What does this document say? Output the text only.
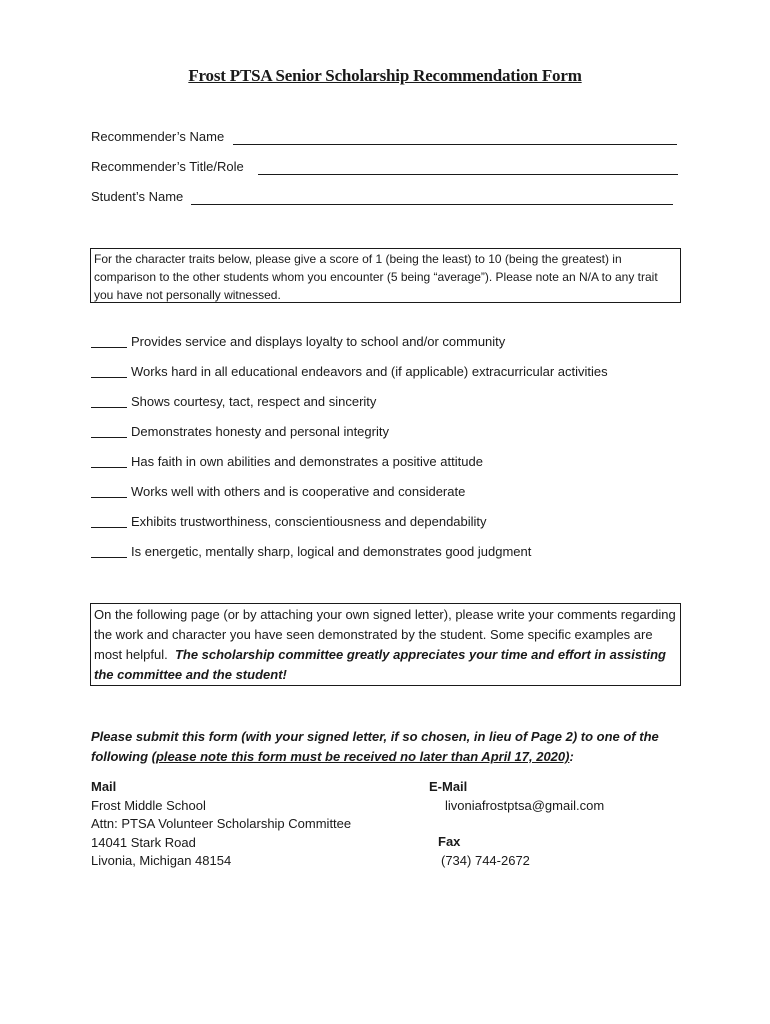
Frost PTSA Senior Scholarship Recommendation Form
Recommender’s Name
Recommender’s Title/Role
Student’s Name
For the character traits below, please give a score of 1 (being the least) to 10 (being the greatest) in comparison to the other students whom you encounter (5 being “average”). Please note an N/A to any trait you have not personally witnessed.
Provides service and displays loyalty to school and/or community
Works hard in all educational endeavors and (if applicable) extracurricular activities
Shows courtesy, tact, respect and sincerity
Demonstrates honesty and personal integrity
Has faith in own abilities and demonstrates a positive attitude
Works well with others and is cooperative and considerate
Exhibits trustworthiness, conscientiousness and dependability
Is energetic, mentally sharp, logical and demonstrates good judgment
On the following page (or by attaching your own signed letter), please write your comments regarding the work and character you have seen demonstrated by the student. Some specific examples are most helpful. The scholarship committee greatly appreciates your time and effort in assisting the committee and the student!
Please submit this form (with your signed letter, if so chosen, in lieu of Page 2) to one of the following (please note this form must be received no later than April 17, 2020):
Mail
Frost Middle School
Attn: PTSA Volunteer Scholarship Committee
14041 Stark Road
Livonia, Michigan 48154
E-Mail
livoniafrostptsa@gmail.com
Fax
(734) 744-2672
